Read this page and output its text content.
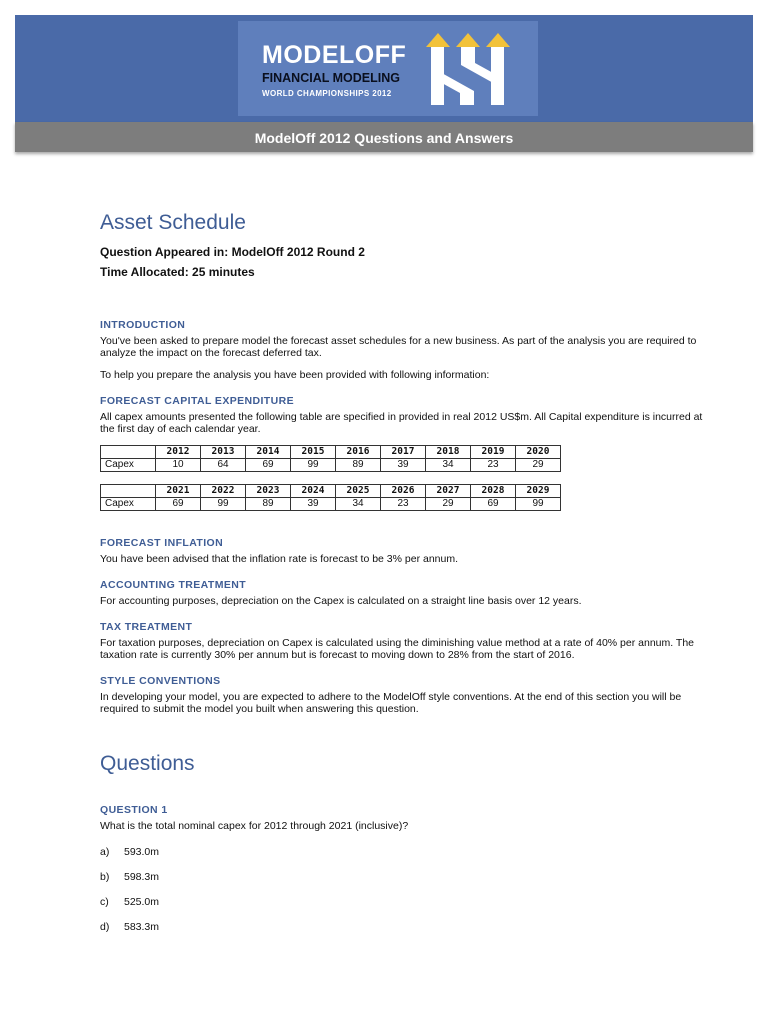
MODELOFF
FINANCIAL MODELING
WORLD CHAMPIONSHIPS 2012
ModelOff 2012 Questions and Answers
Asset Schedule

Question Appeared in: ModelOff 2012 Round 2

Time Allocated: 25 minutes

INTRODUCTION

You've been asked to prepare model the forecast asset schedules for a new business. As part of the analysis you are required to analyze the impact on the forecast deferred tax.

To help you prepare the analysis you have been provided with following information:

FORECAST CAPITAL EXPENDITURE

All capex amounts presented the following table are specified in provided in real 2012 US$m. All Capital expenditure is incurred at the first day of each calendar year.

	2012	2013	2014	2015	2016	2017	2018	2019	2020
Capex	10	64	69	99	89	39	34	23	29
	2021	2022	2023	2024	2025	2026	2027	2028	2029
Capex	69	99	89	39	34	23	29	69	99

FORECAST INFLATION

You have been advised that the inflation rate is forecast to be 3% per annum.

ACCOUNTING TREATMENT

For accounting purposes, depreciation on the Capex is calculated on a straight line basis over 12 years.

TAX TREATMENT

For taxation purposes, depreciation on Capex is calculated using the diminishing value method at a rate of 40% per annum. The taxation rate is currently 30% per annum but is forecast to moving down to 28% from the start of 2016.

STYLE CONVENTIONS

In developing your model, you are expected to adhere to the ModelOff style conventions. At the end of this section you will be required to submit the model you built when answering this question.

Questions

QUESTION 1

What is the total nominal capex for 2012 through 2021 (inclusive)?

a)	593.0m
b)	598.3m
c)	525.0m
d)	583.3m
